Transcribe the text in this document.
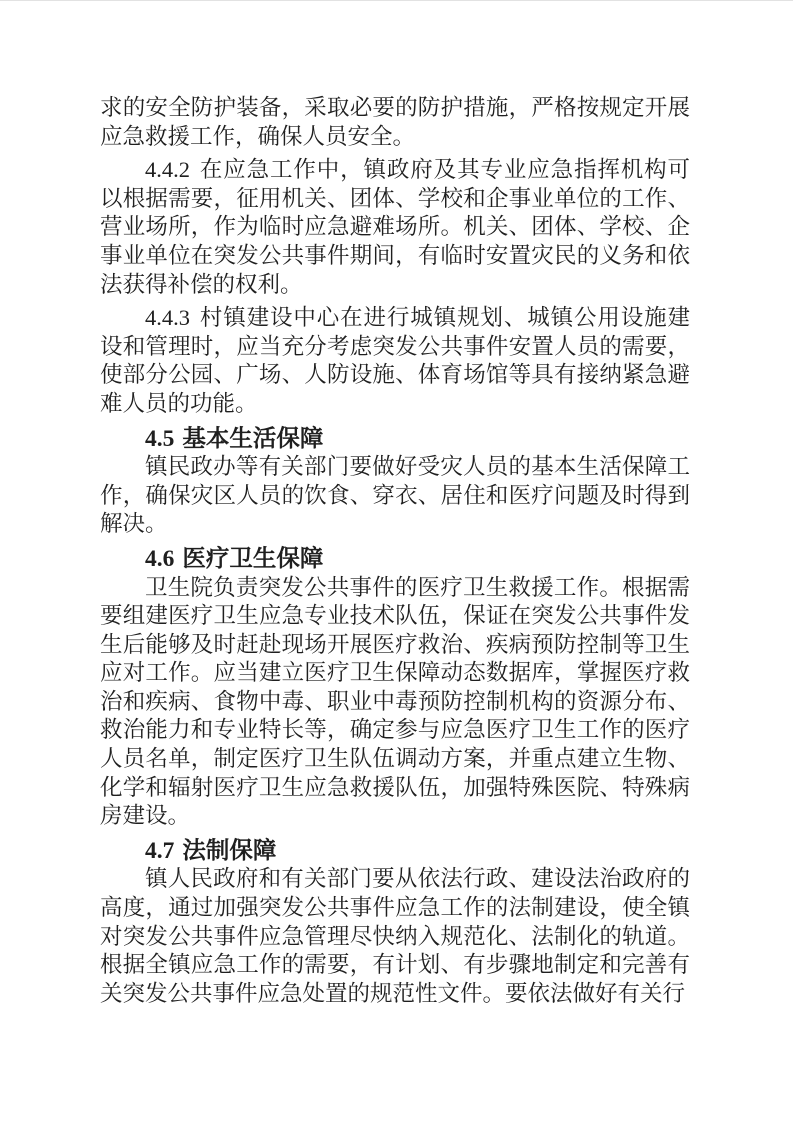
求的安全防护装备，采取必要的防护措施，严格按规定开展应急救援工作，确保人员安全。

4.4.2 在应急工作中，镇政府及其专业应急指挥机构可以根据需要，征用机关、团体、学校和企事业单位的工作、营业场所，作为临时应急避难场所。机关、团体、学校、企事业单位在突发公共事件期间，有临时安置灾民的义务和依法获得补偿的权利。

4.4.3 村镇建设中心在进行城镇规划、城镇公用设施建设和管理时，应当充分考虑突发公共事件安置人员的需要，使部分公园、广场、人防设施、体育场馆等具有接纳紧急避难人员的功能。

4.5 基本生活保障

镇民政办等有关部门要做好受灾人员的基本生活保障工作，确保灾区人员的饮食、穿衣、居住和医疗问题及时得到解决。

4.6 医疗卫生保障

卫生院负责突发公共事件的医疗卫生救援工作。根据需要组建医疗卫生应急专业技术队伍，保证在突发公共事件发生后能够及时赶赴现场开展医疗救治、疾病预防控制等卫生应对工作。应当建立医疗卫生保障动态数据库，掌握医疗救治和疾病、食物中毒、职业中毒预防控制机构的资源分布、救治能力和专业特长等，确定参与应急医疗卫生工作的医疗人员名单，制定医疗卫生队伍调动方案，并重点建立生物、化学和辐射医疗卫生应急救援队伍，加强特殊医院、特殊病房建设。

4.7 法制保障

镇人民政府和有关部门要从依法行政、建设法治政府的高度，通过加强突发公共事件应急工作的法制建设，使全镇对突发公共事件应急管理尽快纳入规范化、法制化的轨道。根据全镇应急工作的需要，有计划、有步骤地制定和完善有关突发公共事件应急处置的规范性文件。要依法做好有关行
